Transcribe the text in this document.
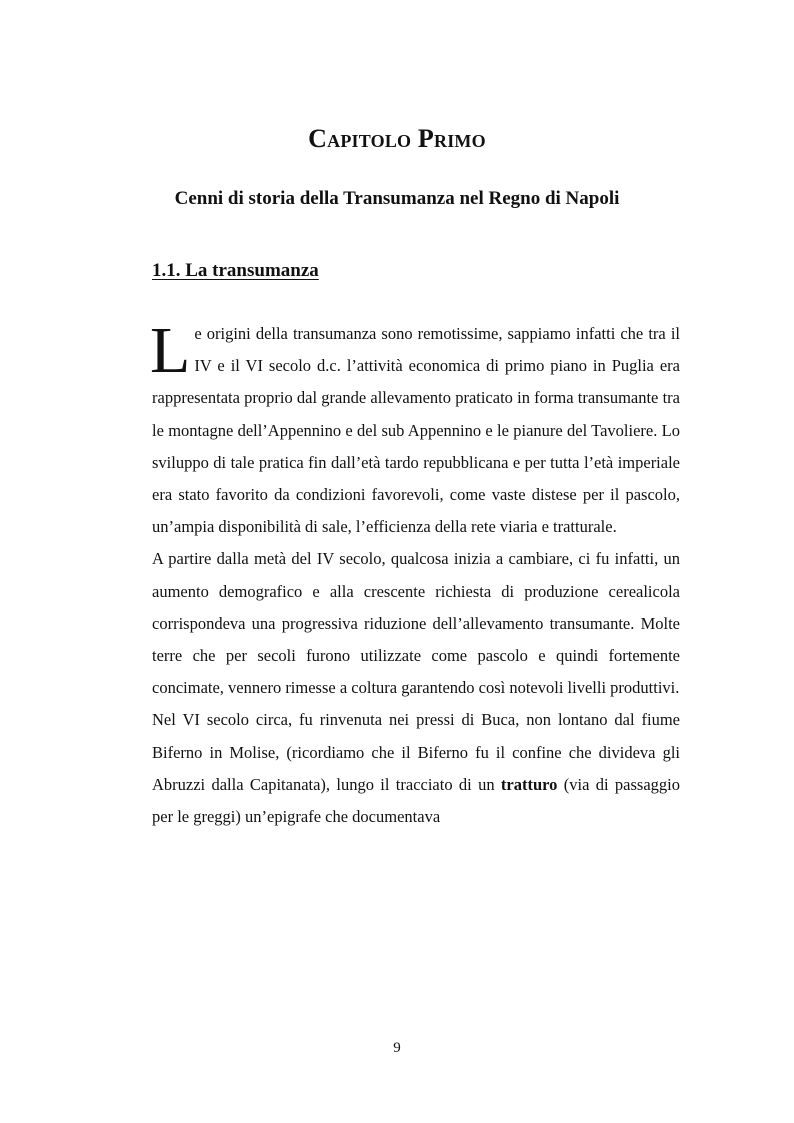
Capitolo Primo
Cenni di storia della Transumanza nel Regno di Napoli
1.1. La transumanza

Le origini della transumanza sono remotissime, sappiamo infatti che tra il IV e il VI secolo d.c. l’attività economica di primo piano in Puglia era rappresentata proprio dal grande allevamento praticato in forma transumante tra le montagne dell’Appennino e del sub Appennino e le pianure del Tavoliere. Lo sviluppo di tale pratica fin dall’età tardo repubblicana e per tutta l’età imperiale era stato favorito da condizioni favorevoli, come vaste distese per il pascolo, un’ampia disponibilità di sale, l’efficienza della rete viaria e tratturale.

A partire dalla metà del IV secolo, qualcosa inizia a cambiare, ci fu infatti, un aumento demografico e alla crescente richiesta di produzione cerealicola corrispondeva una progressiva riduzione dell’allevamento transumante. Molte terre che per secoli furono utilizzate come pascolo e quindi fortemente concimate, vennero rimesse a coltura garantendo così notevoli livelli produttivi.

Nel VI secolo circa, fu rinvenuta nei pressi di Buca, non lontano dal fiume Biferno in Molise, (ricordiamo che il Biferno fu il confine che divideva gli Abruzzi dalla Capitanata), lungo il tracciato di un tratturo (via di passaggio per le greggi) un’epigrafe che documentava

9
